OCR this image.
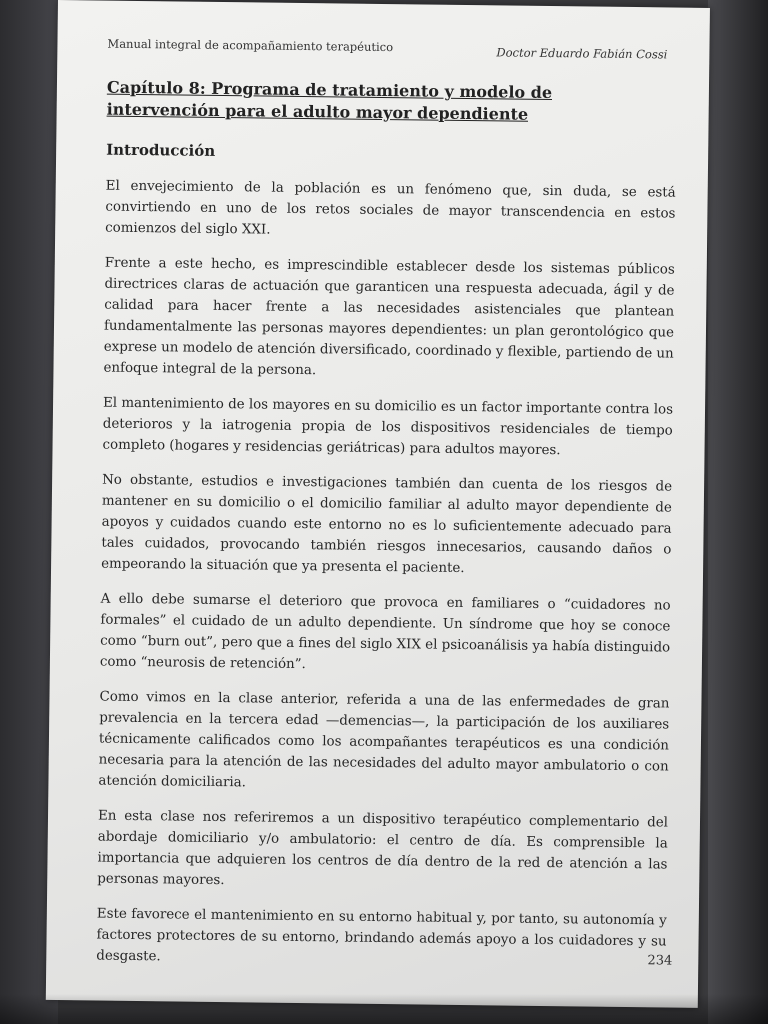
Manual integral de acompañamiento terapéutico	Doctor Eduardo Fabián Cossi
Capítulo 8: Programa de tratamiento y modelo de intervención para el adulto mayor dependiente
Introducción

El envejecimiento de la población es un fenómeno que, sin duda, se está convirtiendo en uno de los retos sociales de mayor transcendencia en estos comienzos del siglo XXI.

Frente a este hecho, es imprescindible establecer desde los sistemas públicos directrices claras de actuación que garanticen una respuesta adecuada, ágil y de calidad para hacer frente a las necesidades asistenciales que plantean fundamentalmente las personas mayores dependientes: un plan gerontológico que exprese un modelo de atención diversificado, coordinado y flexible, partiendo de un enfoque integral de la persona.

El mantenimiento de los mayores en su domicilio es un factor importante contra los deterioros y la iatrogenia propia de los dispositivos residenciales de tiempo completo (hogares y residencias geriátricas) para adultos mayores.

No obstante, estudios e investigaciones también dan cuenta de los riesgos de mantener en su domicilio o el domicilio familiar al adulto mayor dependiente de apoyos y cuidados cuando este entorno no es lo suficientemente adecuado para tales cuidados, provocando también riesgos innecesarios, causando daños o empeorando la situación que ya presenta el paciente.

A ello debe sumarse el deterioro que provoca en familiares o “cuidadores no formales” el cuidado de un adulto dependiente. Un síndrome que hoy se conoce como “burn out”, pero que a fines del siglo XIX el psicoanálisis ya había distinguido como “neurosis de retención”.

Como vimos en la clase anterior, referida a una de las enfermedades de gran prevalencia en la tercera edad —demencias—, la participación de los auxiliares técnicamente calificados como los acompañantes terapéuticos es una condición necesaria para la atención de las necesidades del adulto mayor ambulatorio o con atención domiciliaria.

En esta clase nos referiremos a un dispositivo terapéutico complementario del abordaje domiciliario y/o ambulatorio: el centro de día. Es comprensible la importancia que adquieren los centros de día dentro de la red de atención a las personas mayores.

Este favorece el mantenimiento en su entorno habitual y, por tanto, su autonomía y factores protectores de su entorno, brindando además apoyo a los cuidadores y su desgaste.	234
